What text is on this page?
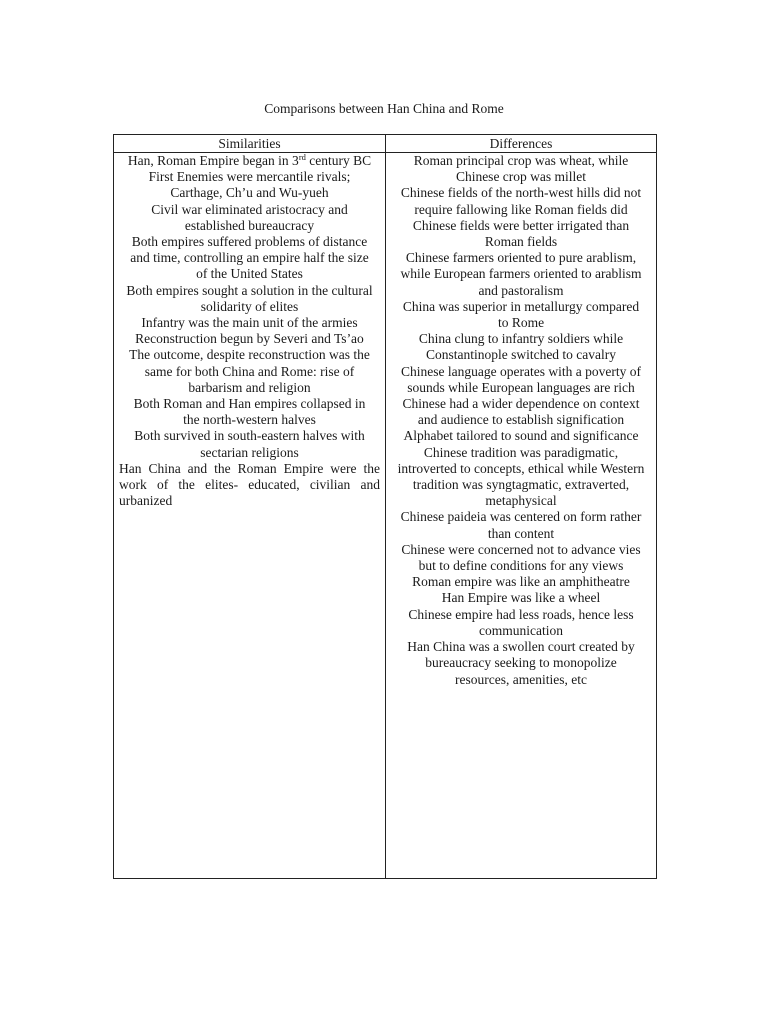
Comparisons between Han China and Rome
Similarities
Han, Roman Empire began in 3rd century BC
First Enemies were mercantile rivals;
Carthage, Ch’u and Wu-yueh
Civil war eliminated aristocracy and
established bureaucracy
Both empires suffered problems of distance
and time, controlling an empire half the size
of the United States
Both empires sought a solution in the cultural
solidarity of elites
Infantry was the main unit of the armies
Reconstruction begun by Severi and Ts’ao
The outcome, despite reconstruction was the
same for both China and Rome: rise of
barbarism and religion
Both Roman and Han empires collapsed in
the north-western halves
Both survived in south-eastern halves with
sectarian religions
Han China and the Roman Empire were the
work of the elites- educated, civilian and
urbanized
Differences
Roman principal crop was wheat, while
Chinese crop was millet
Chinese fields of the north-west hills did not
require fallowing like Roman fields did
Chinese fields were better irrigated than
Roman fields
Chinese farmers oriented to pure arablism,
while European farmers oriented to arablism
and pastoralism
China was superior in metallurgy compared
to Rome
China clung to infantry soldiers while
Constantinople switched to cavalry
Chinese language operates with a poverty of
sounds while European languages are rich
Chinese had a wider dependence on context
and audience to establish signification
Alphabet tailored to sound and significance
Chinese tradition was paradigmatic,
introverted to concepts, ethical while Western
tradition was syngtagmatic, extraverted,
metaphysical
Chinese paideia was centered on form rather
than content
Chinese were concerned not to advance vies
but to define conditions for any views
Roman empire was like an amphitheatre
Han Empire was like a wheel
Chinese empire had less roads, hence less
communication
Han China was a swollen court created by
bureaucracy seeking to monopolize
resources, amenities, etc
